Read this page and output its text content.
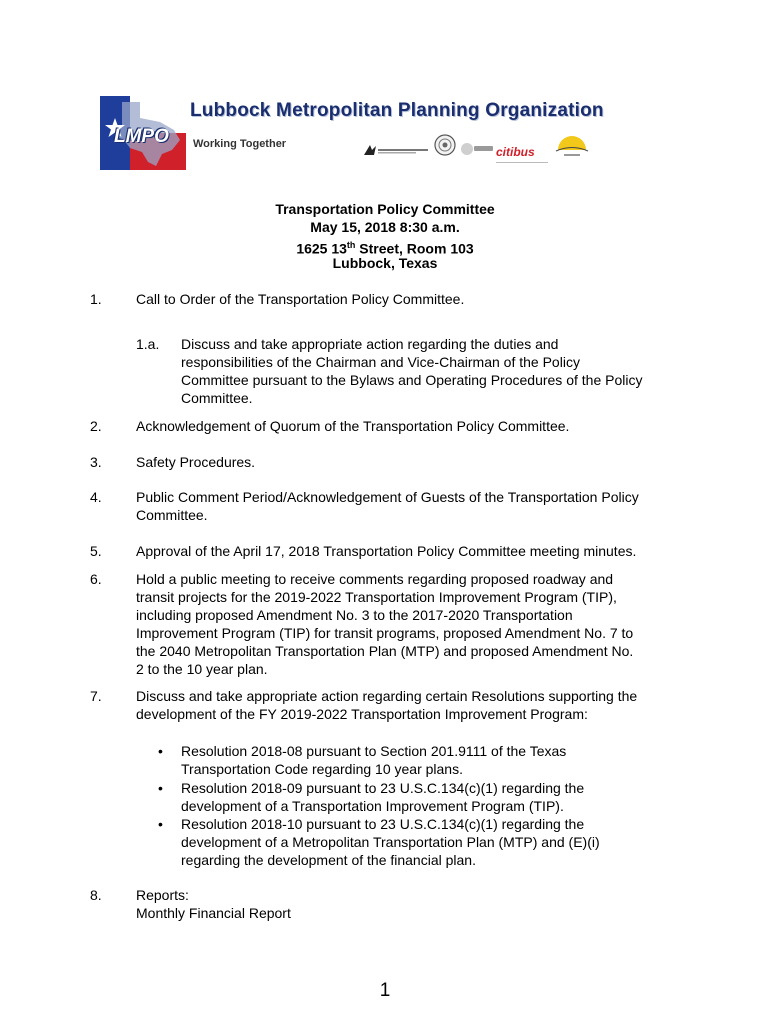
LMPO
Lubbock Metropolitan Planning Organization
Working Together
citibus
Transportation Policy Committee
May 15, 2018 8:30 a.m.
1625 13th Street, Room 103
Lubbock, Texas
1. Call to Order of the Transportation Policy Committee.
1.a. Discuss and take appropriate action regarding the duties and
responsibilities of the Chairman and Vice-Chairman of the Policy
Committee pursuant to the Bylaws and Operating Procedures of the Policy
Committee.
2. Acknowledgement of Quorum of the Transportation Policy Committee.
3. Safety Procedures.
4. Public Comment Period/Acknowledgement of Guests of the Transportation Policy
Committee.
5. Approval of the April 17, 2018 Transportation Policy Committee meeting minutes.
6. Hold a public meeting to receive comments regarding proposed roadway and
transit projects for the 2019-2022 Transportation Improvement Program (TIP),
including proposed Amendment No. 3 to the 2017-2020 Transportation
Improvement Program (TIP) for transit programs, proposed Amendment No. 7 to
the 2040 Metropolitan Transportation Plan (MTP) and proposed Amendment No.
2 to the 10 year plan.
7. Discuss and take appropriate action regarding certain Resolutions supporting the
development of the FY 2019-2022 Transportation Improvement Program:
• Resolution 2018-08 pursuant to Section 201.9111 of the Texas
Transportation Code regarding 10 year plans.
• Resolution 2018-09 pursuant to 23 U.S.C.134(c)(1) regarding the
development of a Transportation Improvement Program (TIP).
• Resolution 2018-10 pursuant to 23 U.S.C.134(c)(1) regarding the
development of a Metropolitan Transportation Plan (MTP) and (E)(i)
regarding the development of the financial plan.
8. Reports:
Monthly Financial Report
1
